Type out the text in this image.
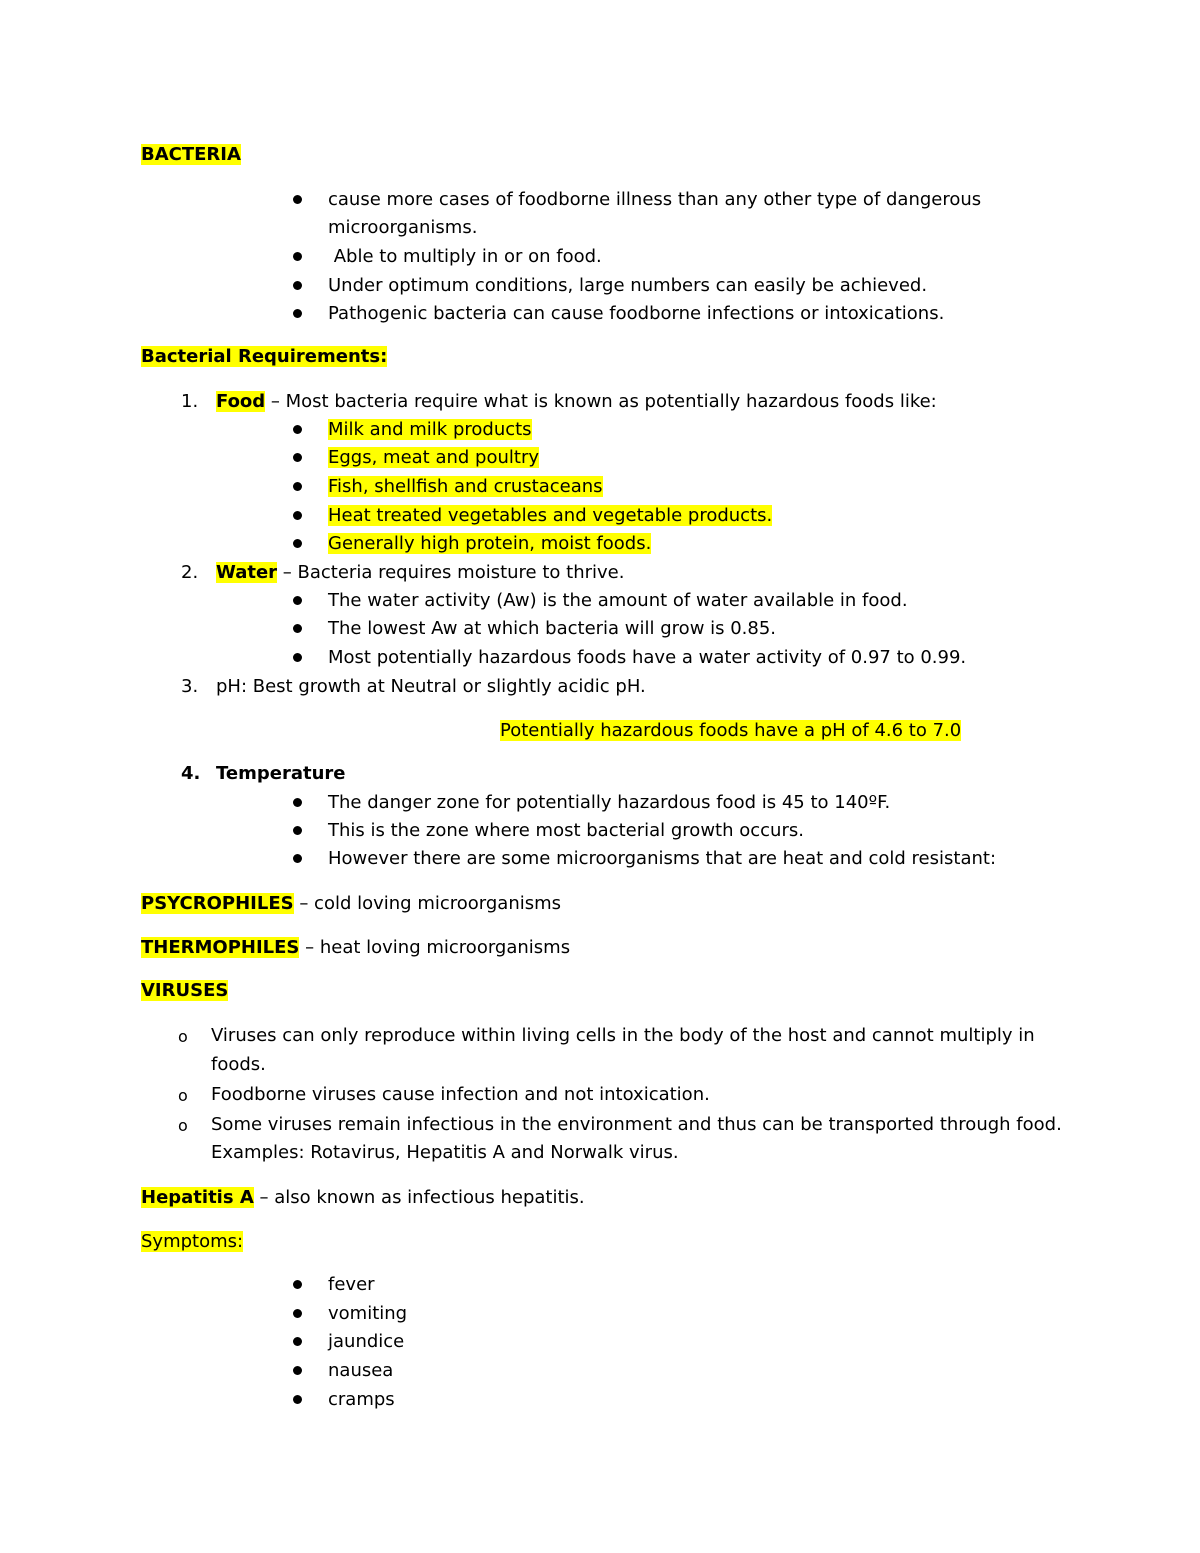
BACTERIA
cause more cases of foodborne illness than any other type of dangerous
microorganisms.
Able to multiply in or on food.
Under optimum conditions, large numbers can easily be achieved.
Pathogenic bacteria can cause foodborne infections or intoxications.
Bacterial Requirements:
1. Food – Most bacteria require what is known as potentially hazardous foods like:
Milk and milk products
Eggs, meat and poultry
Fish, shellfish and crustaceans
Heat treated vegetables and vegetable products.
Generally high protein, moist foods.
2. Water – Bacteria requires moisture to thrive.
The water activity (Aw) is the amount of water available in food.
The lowest Aw at which bacteria will grow is 0.85.
Most potentially hazardous foods have a water activity of 0.97 to 0.99.
3. pH: Best growth at Neutral or slightly acidic pH.
Potentially hazardous foods have a pH of 4.6 to 7.0
4. Temperature
The danger zone for potentially hazardous food is 45 to 140ºF.
This is the zone where most bacterial growth occurs.
However there are some microorganisms that are heat and cold resistant:
PSYCROPHILES – cold loving microorganisms
THERMOPHILES – heat loving microorganisms
VIRUSES
o Viruses can only reproduce within living cells in the body of the host and cannot multiply in
foods.
o Foodborne viruses cause infection and not intoxication.
o Some viruses remain infectious in the environment and thus can be transported through food.
Examples: Rotavirus, Hepatitis A and Norwalk virus.
Hepatitis A – also known as infectious hepatitis.
Symptoms:
fever
vomiting
jaundice
nausea
cramps
